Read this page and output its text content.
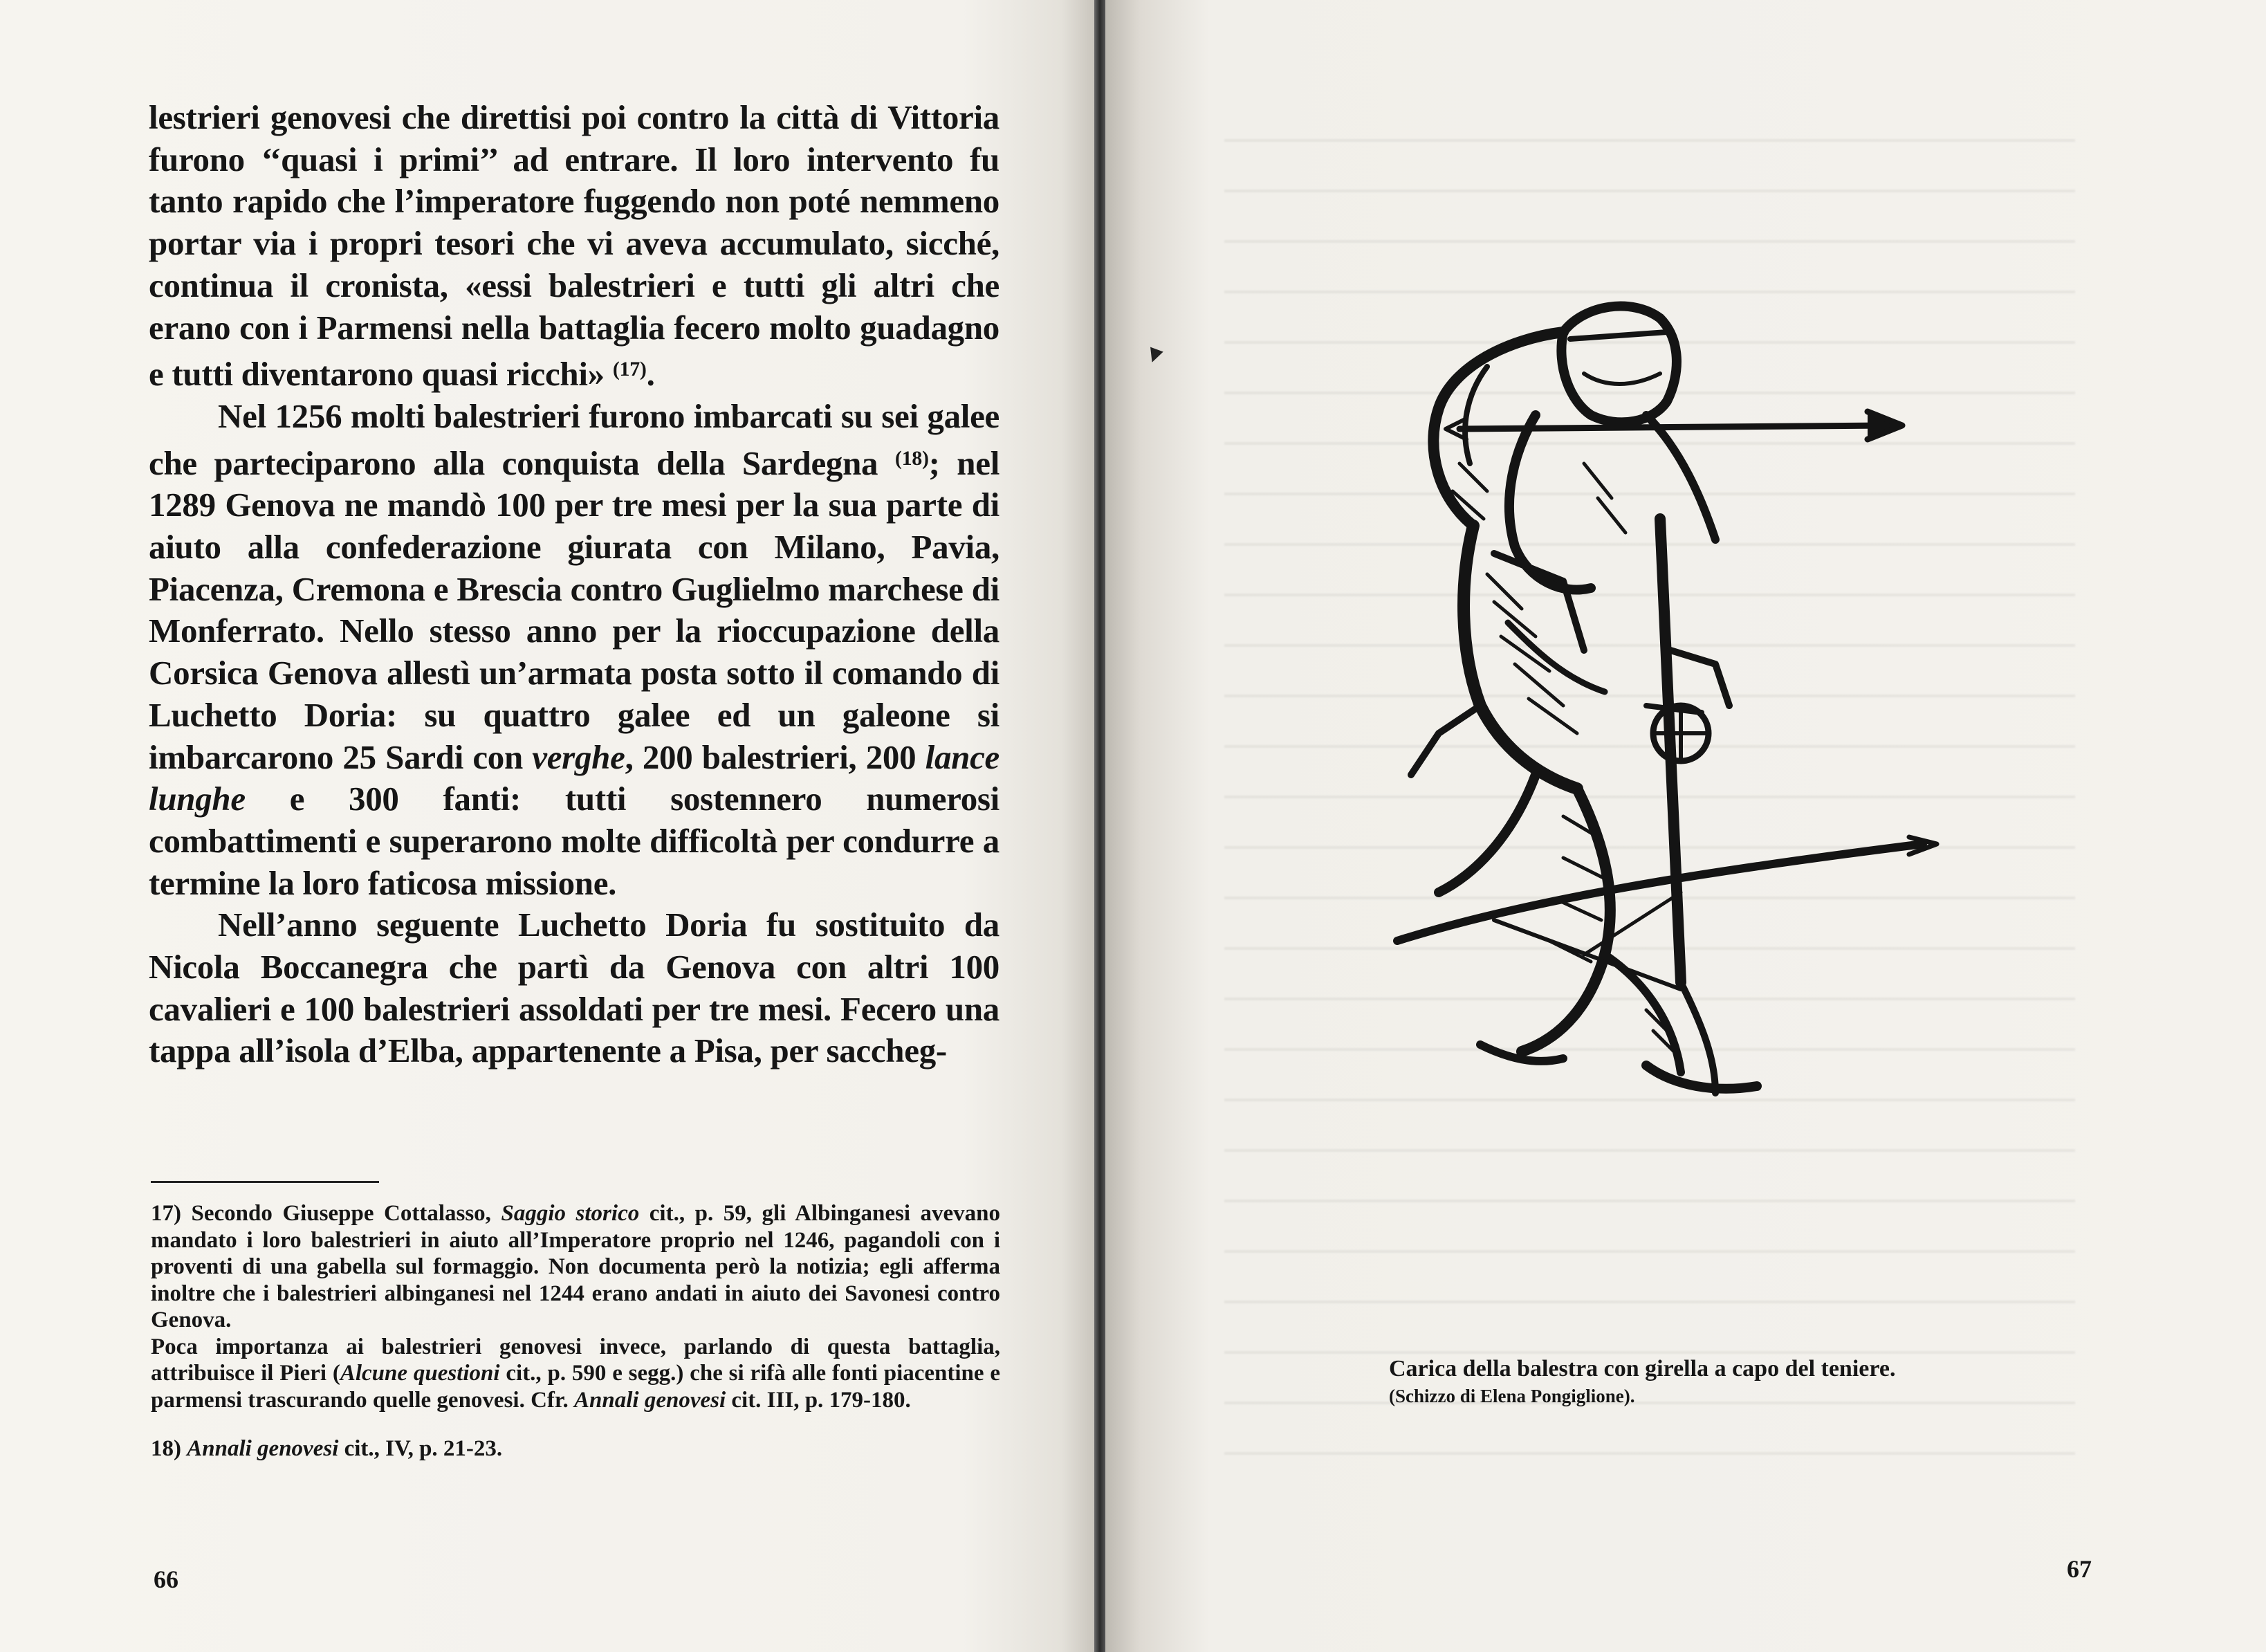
lestrieri genovesi che direttisi poi contro la città di Vittoria furono ‘‘quasi i primi’’ ad entrare. Il loro intervento fu tanto rapido che l’imperatore fuggendo non poté nemmeno portar via i propri tesori che vi aveva accumulato, sicché, continua il cronista, «essi balestrieri e tutti gli altri che erano con i Parmensi nella battaglia fecero molto guadagno e tutti diventarono quasi ricchi» $^{(17)}$.

Nel 1256 molti balestrieri furono imbarcati su sei galee che parteciparono alla conquista della Sardegna $^{(18)}$; nel 1289 Genova ne mandò 100 per tre mesi per la sua parte di aiuto alla confederazione giurata con Milano, Pavia, Piacenza, Cremona e Brescia contro Guglielmo marchese di Monferrato. Nello stesso anno per la rioccupazione della Corsica Genova allestì un’armata posta sotto il comando di Luchetto Doria: su quattro galee ed un galeone si imbarcarono 25 Sardi con verghe, 200 balestrieri, 200 lance lunghe e 300 fanti: tutti sostennero numerosi combattimenti e superarono molte difficoltà per condurre a termine la loro faticosa missione.

Nell’anno seguente Luchetto Doria fu sostituito da Nicola Boccanegra che partì da Genova con altri 100 cavalieri e 100 balestrieri assoldati per tre mesi. Fecero una tappa all’isola d’Elba, appartenente a Pisa, per saccheg-

17) Secondo Giuseppe Cottalasso, Saggio storico cit., p. 59, gli Albinganesi avevano mandato i loro balestrieri in aiuto all’Imperatore proprio nel 1246, pagandoli con i proventi di una gabella sul formaggio. Non documenta però la notizia; egli afferma inoltre che i balestrieri albinganesi nel 1244 erano andati in aiuto dei Savonesi contro Genova.

Poca importanza ai balestrieri genovesi invece, parlando di questa battaglia, attribuisce il Pieri (Alcune questioni cit., p. 590 e segg.) che si rifà alle fonti piacentine e parmensi trascurando quelle genovesi. Cfr. Annali genovesi cit. III, p. 179-180.

18) Annali genovesi cit., IV, p. 21-23.

66
▾
Carica della balestra con girella a capo del teniere.
(Schizzo di Elena Pongiglione).
67
